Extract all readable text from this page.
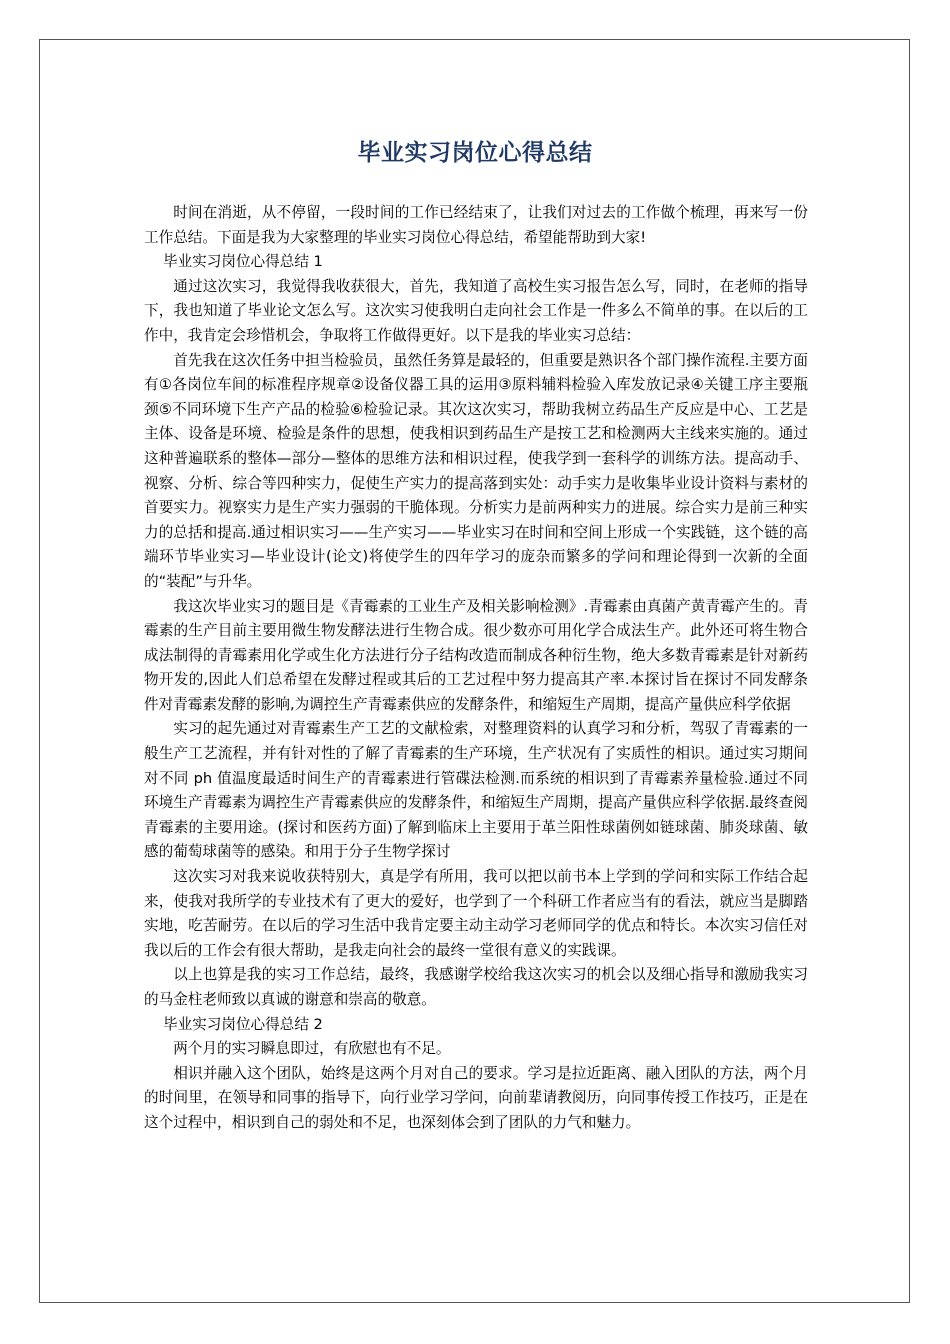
毕业实习岗位心得总结

时间在消逝，从不停留，一段时间的工作已经结束了，让我们对过去的工作做个梳理，再来写一份工作总结。下面是我为大家整理的毕业实习岗位心得总结，希望能帮助到大家!

毕业实习岗位心得总结 1

通过这次实习，我觉得我收获很大，首先，我知道了高校生实习报告怎么写，同时，在老师的指导下，我也知道了毕业论文怎么写。这次实习使我明白走向社会工作是一件多么不简单的事。在以后的工作中，我肯定会珍惜机会，争取将工作做得更好。以下是我的毕业实习总结：

首先我在这次任务中担当检验员，虽然任务算是最轻的，但重要是熟识各个部门操作流程.主要方面有①各岗位车间的标准程序规章②设备仪器工具的运用③原料辅料检验入库发放记录④关键工序主要瓶颈⑤不同环境下生产产品的检验⑥检验记录。其次这次实习，帮助我树立药品生产反应是中心、工艺是主体、设备是环境、检验是条件的思想，使我相识到药品生产是按工艺和检测两大主线来实施的。通过这种普遍联系的整体—部分—整体的思维方法和相识过程，使我学到一套科学的训练方法。提高动手、视察、分析、综合等四种实力，促使生产实力的提高落到实处：动手实力是收集毕业设计资料与素材的首要实力。视察实力是生产实力强弱的干脆体现。分析实力是前两种实力的进展。综合实力是前三种实力的总括和提高.通过相识实习——生产实习——毕业实习在时间和空间上形成一个实践链，这个链的高端环节毕业实习—毕业设计(论文)将使学生的四年学习的庞杂而繁多的学问和理论得到一次新的全面的“装配”与升华。

我这次毕业实习的题目是《青霉素的工业生产及相关影响检测》.青霉素由真菌产黄青霉产生的。青霉素的生产目前主要用微生物发酵法进行生物合成。很少数亦可用化学合成法生产。此外还可将生物合成法制得的青霉素用化学或生化方法进行分子结构改造而制成各种衍生物，绝大多数青霉素是针对新药物开发的,因此人们总希望在发酵过程或其后的工艺过程中努力提高其产率.本探讨旨在探讨不同发酵条件对青霉素发酵的影响,为调控生产青霉素供应的发酵条件，和缩短生产周期，提高产量供应科学依据

实习的起先通过对青霉素生产工艺的文献检索，对整理资料的认真学习和分析，驾驭了青霉素的一般生产工艺流程，并有针对性的了解了青霉素的生产环境，生产状况有了实质性的相识。通过实习期间对不同 ph 值温度最适时间生产的青霉素进行管碟法检测.而系统的相识到了青霉素养量检验.通过不同环境生产青霉素为调控生产青霉素供应的发酵条件，和缩短生产周期，提高产量供应科学依据.最终查阅青霉素的主要用途。(探讨和医药方面)了解到临床上主要用于革兰阳性球菌例如链球菌、肺炎球菌、敏感的葡萄球菌等的感染。和用于分子生物学探讨

这次实习对我来说收获特别大，真是学有所用，我可以把以前书本上学到的学问和实际工作结合起来，使我对我所学的专业技术有了更大的爱好，也学到了一个科研工作者应当有的看法，就应当是脚踏实地，吃苦耐劳。在以后的学习生活中我肯定要主动主动学习老师同学的优点和特长。本次实习信任对我以后的工作会有很大帮助，是我走向社会的最终一堂很有意义的实践课。

以上也算是我的实习工作总结，最终，我感谢学校给我这次实习的机会以及细心指导和激励我实习的马金柱老师致以真诚的谢意和崇高的敬意。

毕业实习岗位心得总结 2

两个月的实习瞬息即过，有欣慰也有不足。

相识并融入这个团队，始终是这两个月对自己的要求。学习是拉近距离、融入团队的方法，两个月的时间里，在领导和同事的指导下，向行业学习学问，向前辈请教阅历，向同事传授工作技巧，正是在这个过程中，相识到自己的弱处和不足，也深刻体会到了团队的力气和魅力。
